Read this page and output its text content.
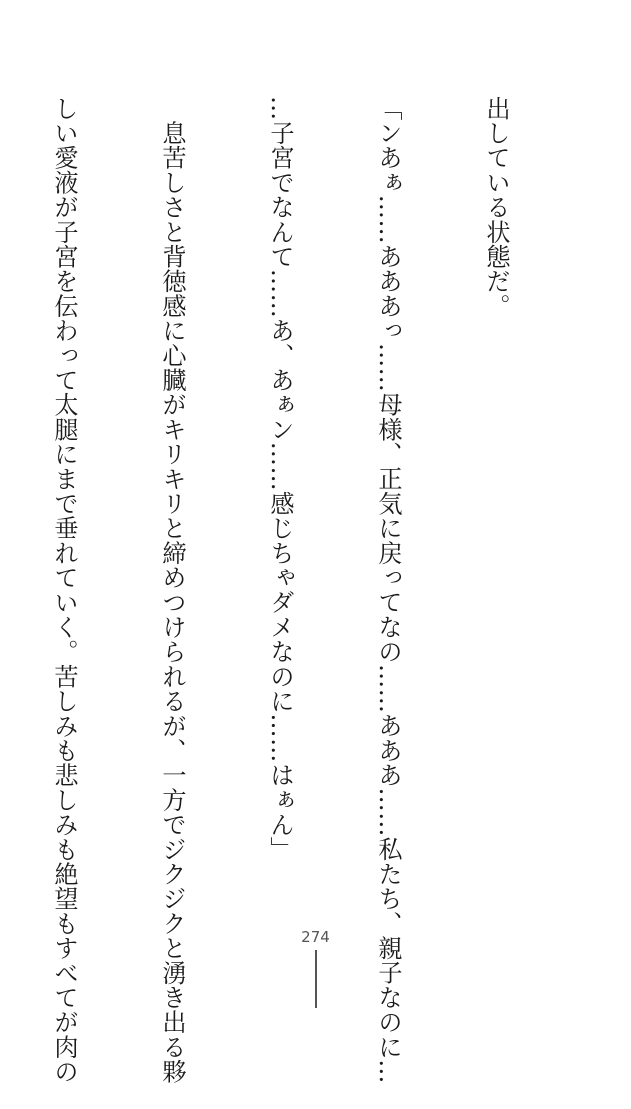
出している状態だ。

「ンあぁ……あああっ……母様、正気に戻ってなの……あああ……私たち、親子なのに…

…子宮でなんて……あ、あぁン……感じちゃダメなのに……はぁん」

　息苦しさと背徳感に心臓がキリキリと締めつけられるが、一方でジクジクと湧き出る夥

しい愛液が子宮を伝わって太腿にまで垂れていく。苦しみも悲しみも絶望もすべてが肉の

	274
